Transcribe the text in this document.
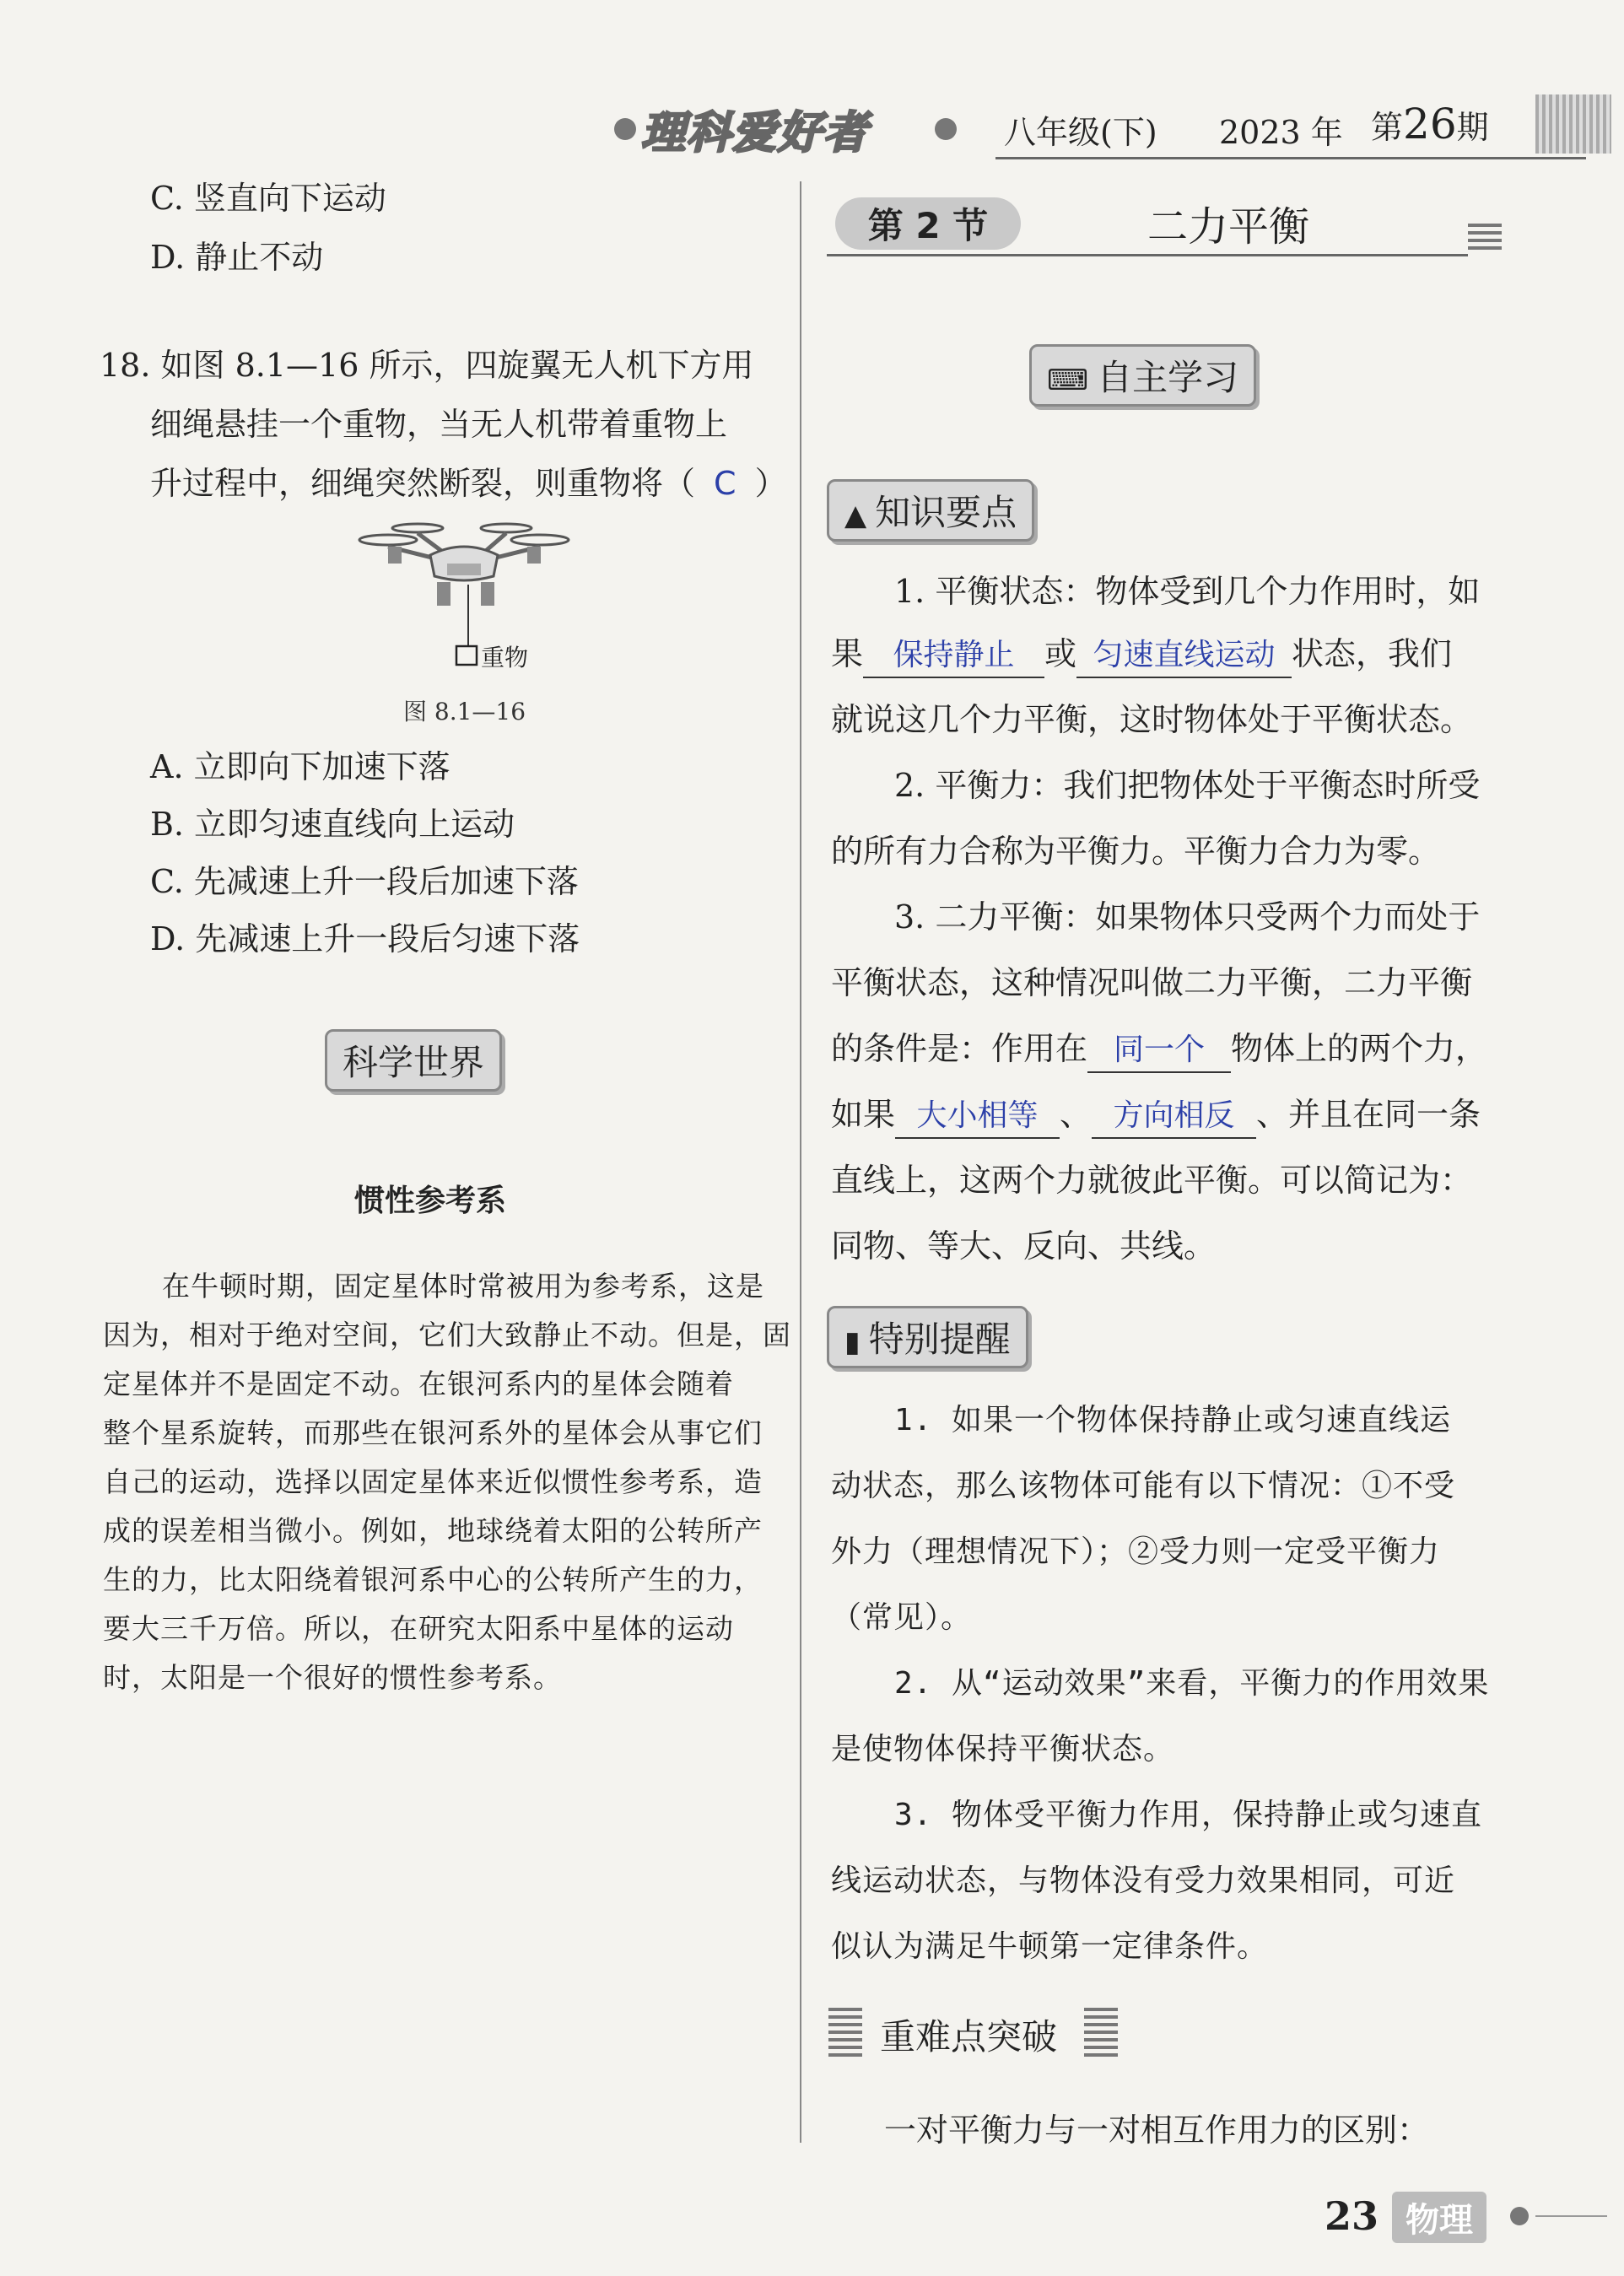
理科爱好者	八年级(下) 2023 年 第26期
C. 竖直向下运动
D. 静止不动
18. 如图 8.1—16 所示，四旋翼无人机下方用
细绳悬挂一个重物，当无人机带着重物上
升过程中，细绳突然断裂，则重物将（ C ）
重物
图 8.1—16
A. 立即向下加速下落
B. 立即匀速直线向上运动
C. 先减速上升一段后加速下落
D. 先减速上升一段后匀速下落
科学世界
惯性参考系
在牛顿时期，固定星体时常被用为参考系，这是
因为，相对于绝对空间，它们大致静止不动。但是，固
定星体并不是固定不动。在银河系内的星体会随着
整个星系旋转，而那些在银河系外的星体会从事它们
自己的运动，选择以固定星体来近似惯性参考系，造
成的误差相当微小。例如，地球绕着太阳的公转所产
生的力，比太阳绕着银河系中心的公转所产生的力，
要大三千万倍。所以，在研究太阳系中星体的运动
时，太阳是一个很好的惯性参考系。
第 2 节	二力平衡
⌨ 自主学习
▲ 知识要点
1. 平衡状态：物体受到几个力作用时，如
果 保持静止 或 匀速直线运动 状态，我们
就说这几个力平衡，这时物体处于平衡状态。
2. 平衡力：我们把物体处于平衡态时所受
的所有力合称为平衡力。平衡力合力为零。
3. 二力平衡：如果物体只受两个力而处于
平衡状态，这种情况叫做二力平衡，二力平衡
的条件是：作用在 同一个 物体上的两个力，
如果 大小相等 、 方向相反 、并且在同一条
直线上，这两个力就彼此平衡。可以简记为：
同物、等大、反向、共线。
▮ 特别提醒
1. 如果一个物体保持静止或匀速直线运
动状态，那么该物体可能有以下情况：①不受
外力（理想情况下）；②受力则一定受平衡力
（常见）。
2. 从“运动效果”来看，平衡力的作用效果
是使物体保持平衡状态。
3. 物体受平衡力作用，保持静止或匀速直
线运动状态，与物体没有受力效果相同，可近
似认为满足牛顿第一定律条件。
重难点突破
一对平衡力与一对相互作用力的区别：
23 物理
